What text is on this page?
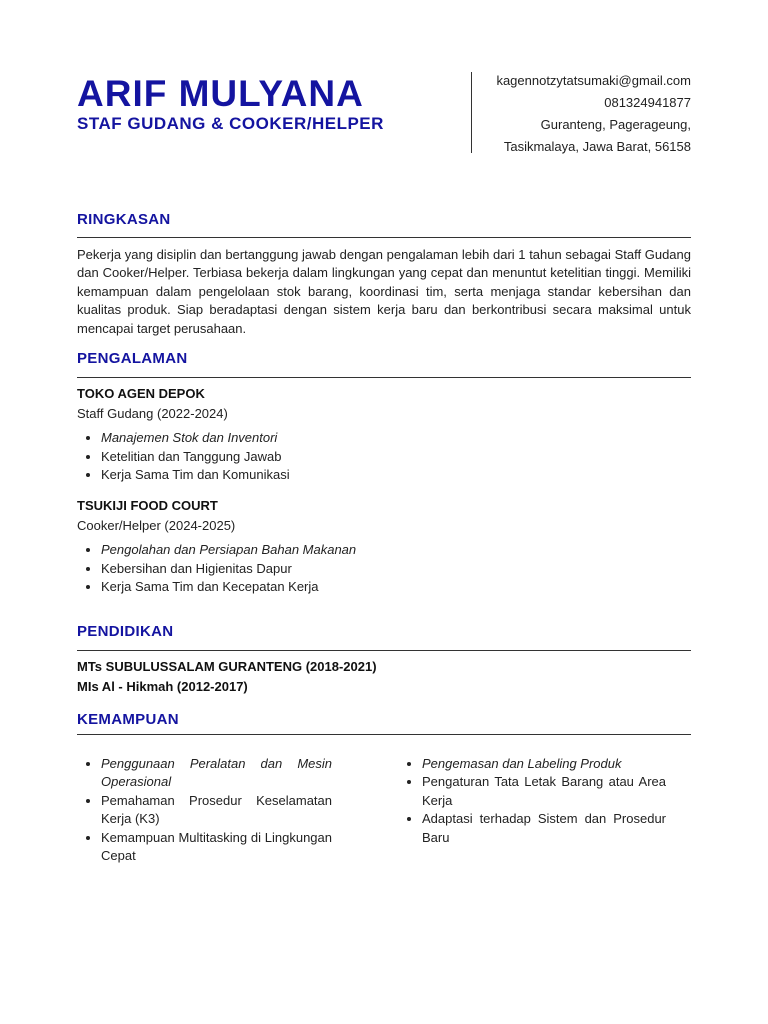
ARIF MULYANA
STAF GUDANG & COOKER/HELPER
kagennotzytatsumaki@gmail.com
081324941877
Guranteng, Pagerageung,
Tasikmalaya, Jawa Barat, 56158
RINGKASAN

Pekerja yang disiplin dan bertanggung jawab dengan pengalaman lebih dari 1 tahun sebagai Staff Gudang dan Cooker/Helper. Terbiasa bekerja dalam lingkungan yang cepat dan menuntut ketelitian tinggi. Memiliki kemampuan dalam pengelolaan stok barang, koordinasi tim, serta menjaga standar kebersihan dan kualitas produk. Siap beradaptasi dengan sistem kerja baru dan berkontribusi secara maksimal untuk mencapai target perusahaan.

PENGALAMAN

TOKO AGEN DEPOK

Staff Gudang (2022-2024)

• Manajemen Stok dan Inventori
• Ketelitian dan Tanggung Jawab
• Kerja Sama Tim dan Komunikasi

TSUKIJI FOOD COURT

Cooker/Helper (2024-2025)

• Pengolahan dan Persiapan Bahan Makanan
• Kebersihan dan Higienitas Dapur
• Kerja Sama Tim dan Kecepatan Kerja
PENDIDIKAN
MTs SUBULUSSALAM GURANTENG (2018-2021)
MIs Al - Hikmah (2012-2017)
KEMAMPUAN
• Penggunaan Peralatan dan Mesin Operasional
• Pemahaman Prosedur Keselamatan Kerja (K3)
• Kemampuan Multitasking di Lingkungan Cepat
• Pengemasan dan Labeling Produk
• Pengaturan Tata Letak Barang atau Area Kerja
• Adaptasi terhadap Sistem dan Prosedur Baru
